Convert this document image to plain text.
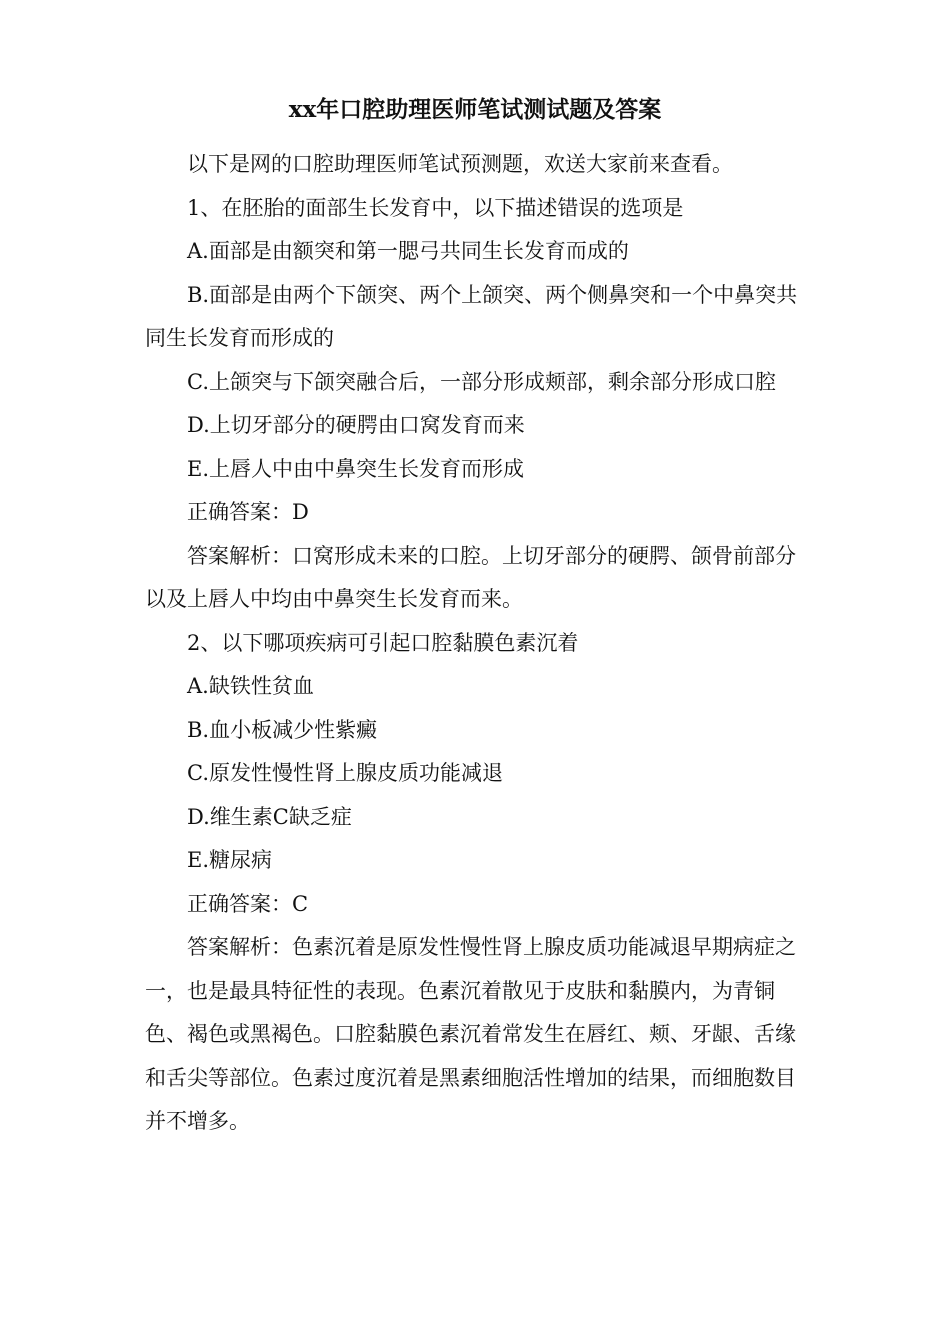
xx年口腔助理医师笔试测试题及答案

以下是网的口腔助理医师笔试预测题，欢送大家前来查看。

1、在胚胎的面部生长发育中，以下描述错误的选项是

A.面部是由额突和第一腮弓共同生长发育而成的

B.面部是由两个下颌突、两个上颌突、两个侧鼻突和一个中鼻突共同生长发育而形成的

C.上颌突与下颌突融合后，一部分形成颊部，剩余部分形成口腔

D.上切牙部分的硬腭由口窝发育而来

E.上唇人中由中鼻突生长发育而形成

正确答案：D

答案解析：口窝形成未来的口腔。上切牙部分的硬腭、颌骨前部分以及上唇人中均由中鼻突生长发育而来。

2、以下哪项疾病可引起口腔黏膜色素沉着

A.缺铁性贫血

B.血小板减少性紫癜

C.原发性慢性肾上腺皮质功能减退

D.维生素C缺乏症

E.糖尿病

正确答案：C

答案解析：色素沉着是原发性慢性肾上腺皮质功能减退早期病症之一，也是最具特征性的表现。色素沉着散见于皮肤和黏膜内，为青铜色、褐色或黑褐色。口腔黏膜色素沉着常发生在唇红、颊、牙龈、舌缘和舌尖等部位。色素过度沉着是黑素细胞活性增加的结果，而细胞数目并不增多。
